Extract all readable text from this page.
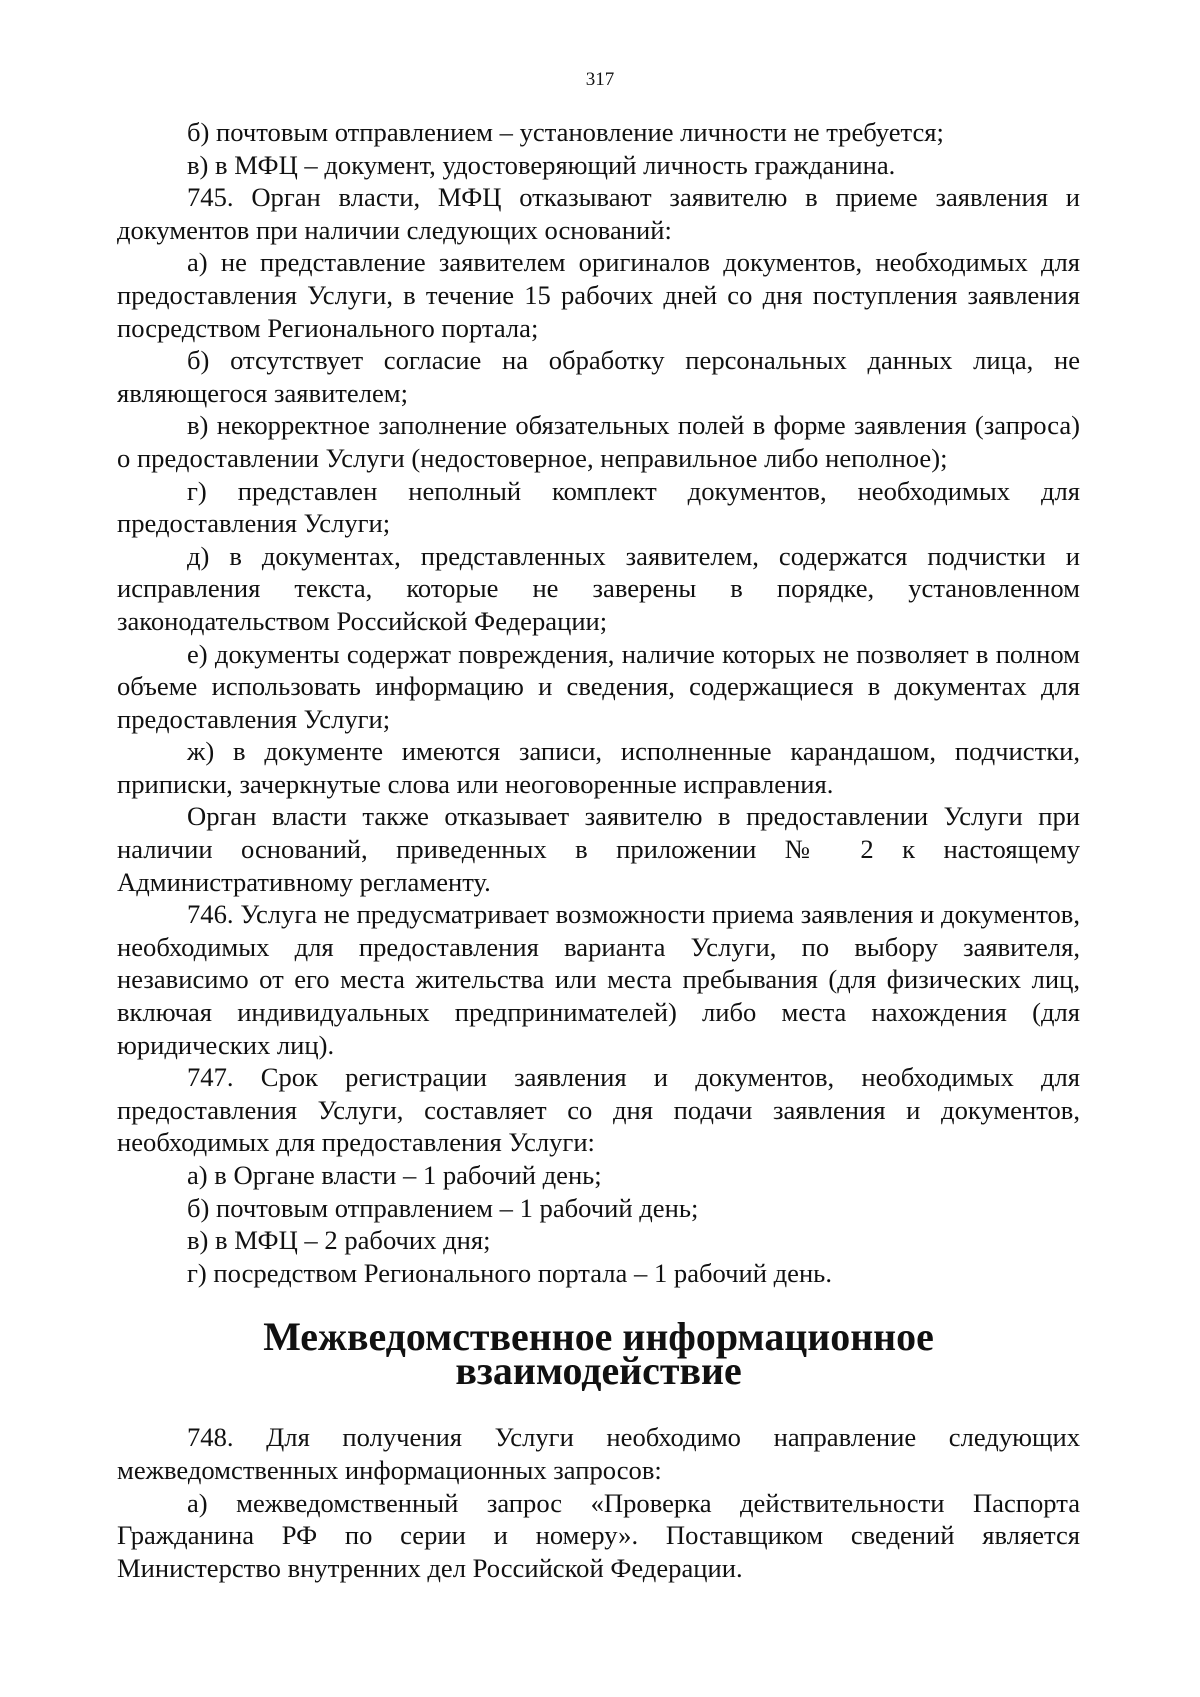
317

б) почтовым отправлением – установление личности не требуется;

в) в МФЦ – документ, удостоверяющий личность гражданина.

745. Орган власти, МФЦ отказывают заявителю в приеме заявления и документов при наличии следующих оснований:

а) не представление заявителем оригиналов документов, необходимых для предоставления Услуги, в течение 15 рабочих дней со дня поступления заявления посредством Регионального портала;

б) отсутствует согласие на обработку персональных данных лица, не являющегося заявителем;

в) некорректное заполнение обязательных полей в форме заявления (запроса) о предоставлении Услуги (недостоверное, неправильное либо неполное);

г) представлен неполный комплект документов, необходимых для предоставления Услуги;

д) в документах, представленных заявителем, содержатся подчистки и исправления текста, которые не заверены в порядке, установленном законодательством Российской Федерации;

е) документы содержат повреждения, наличие которых не позволяет в полном объеме использовать информацию и сведения, содержащиеся в документах для предоставления Услуги;

ж) в документе имеются записи, исполненные карандашом, подчистки, приписки, зачеркнутые слова или неоговоренные исправления.

Орган власти также отказывает заявителю в предоставлении Услуги при наличии оснований, приведенных в приложении № 2 к настоящему Административному регламенту.

746. Услуга не предусматривает возможности приема заявления и документов, необходимых для предоставления варианта Услуги, по выбору заявителя, независимо от его места жительства или места пребывания (для физических лиц, включая индивидуальных предпринимателей) либо места нахождения (для юридических лиц).

747. Срок регистрации заявления и документов, необходимых для предоставления Услуги, составляет со дня подачи заявления и документов, необходимых для предоставления Услуги:

а) в Органе власти – 1 рабочий день;

б) почтовым отправлением – 1 рабочий день;

в) в МФЦ – 2 рабочих дня;

г) посредством Регионального портала – 1 рабочий день.

Межведомственное информационное взаимодействие

748. Для получения Услуги необходимо направление следующих межведомственных информационных запросов:

а) межведомственный запрос «Проверка действительности Паспорта Гражданина РФ по серии и номеру». Поставщиком сведений является Министерство внутренних дел Российской Федерации.
